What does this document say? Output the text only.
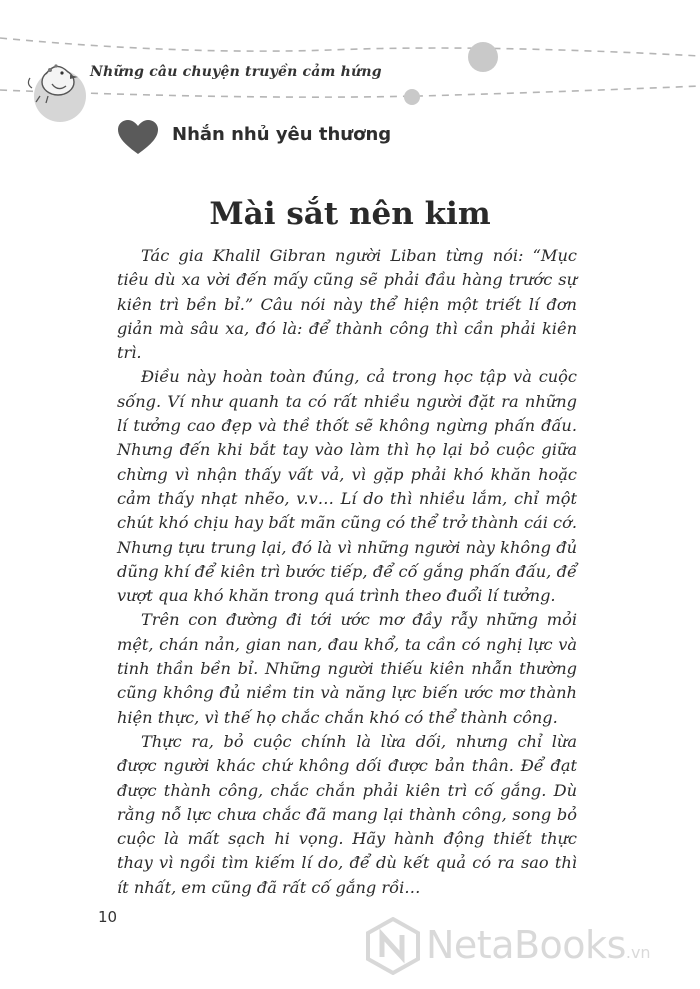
Những câu chuyện truyền cảm hứng
Nhắn nhủ yêu thương
Mài sắt nên kim

Tác gia Khalil Gibran người Liban từng nói: “Mục tiêu dù xa vời đến mấy cũng sẽ phải đầu hàng trước sự kiên trì bền bỉ.” Câu nói này thể hiện một triết lí đơn giản mà sâu xa, đó là: để thành công thì cần phải kiên trì.

Điều này hoàn toàn đúng, cả trong học tập và cuộc sống. Ví như quanh ta có rất nhiều người đặt ra những lí tưởng cao đẹp và thề thốt sẽ không ngừng phấn đấu. Nhưng đến khi bắt tay vào làm thì họ lại bỏ cuộc giữa chừng vì nhận thấy vất vả, vì gặp phải khó khăn hoặc cảm thấy nhạt nhẽo, v.v… Lí do thì nhiều lắm, chỉ một chút khó chịu hay bất mãn cũng có thể trở thành cái cớ. Nhưng tựu trung lại, đó là vì những người này không đủ dũng khí để kiên trì bước tiếp, để cố gắng phấn đấu, để vượt qua khó khăn trong quá trình theo đuổi lí tưởng.

Trên con đường đi tới ước mơ đầy rẫy những mỏi mệt, chán nản, gian nan, đau khổ, ta cần có nghị lực và tinh thần bền bỉ. Những người thiếu kiên nhẫn thường cũng không đủ niềm tin và năng lực biến ước mơ thành hiện thực, vì thế họ chắc chắn khó có thể thành công.

Thực ra, bỏ cuộc chính là lừa dối, nhưng chỉ lừa được người khác chứ không dối được bản thân. Để đạt được thành công, chắc chắn phải kiên trì cố gắng. Dù rằng nỗ lực chưa chắc đã mang lại thành công, song bỏ cuộc là mất sạch hi vọng. Hãy hành động thiết thực thay vì ngồi tìm kiếm lí do, để dù kết quả có ra sao thì ít nhất, em cũng đã rất cố gắng rồi…

10
NetaBooks.vn
